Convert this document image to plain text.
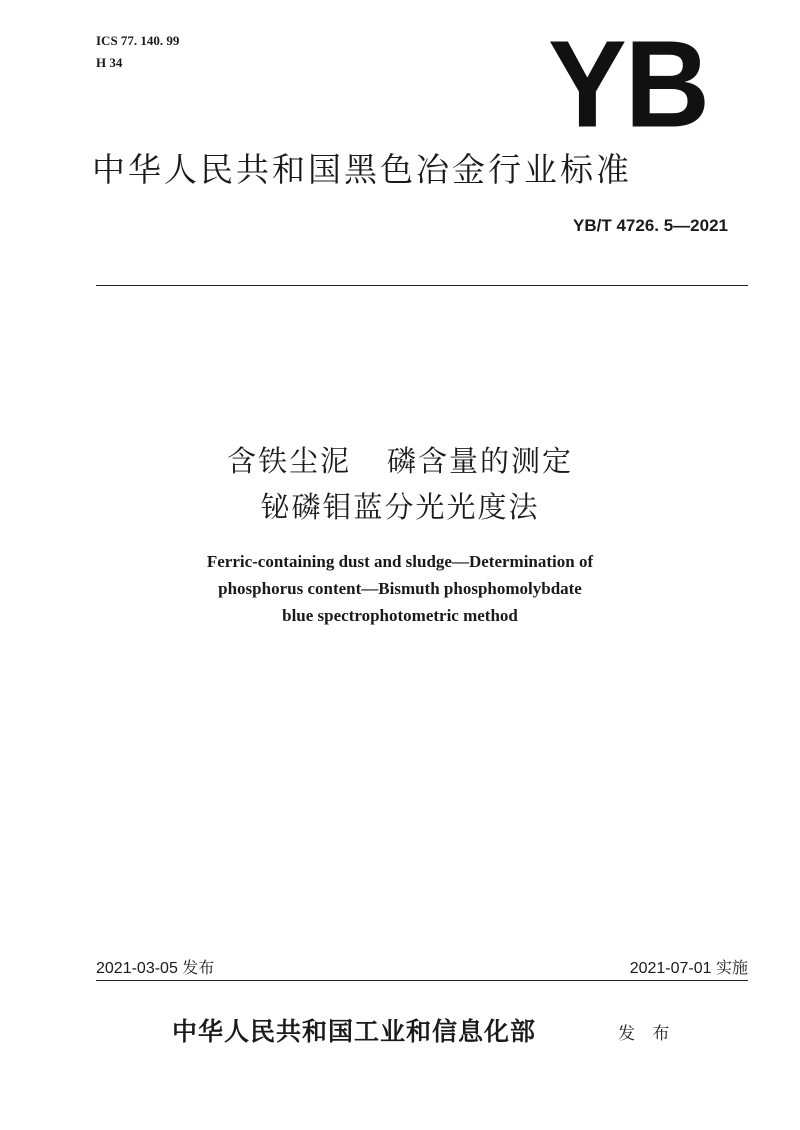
ICS 77. 140. 99
H 34	YB
中华人民共和国黑色冶金行业标准
YB/T 4726. 5—2021
含铁尘泥 磷含量的测定
铋磷钼蓝分光光度法
Ferric-containing dust and sludge—Determination of
phosphorus content—Bismuth phosphomolybdate
blue spectrophotometric method
2021-03-05 发布	2021-07-01 实施
中华人民共和国工业和信息化部	发 布
